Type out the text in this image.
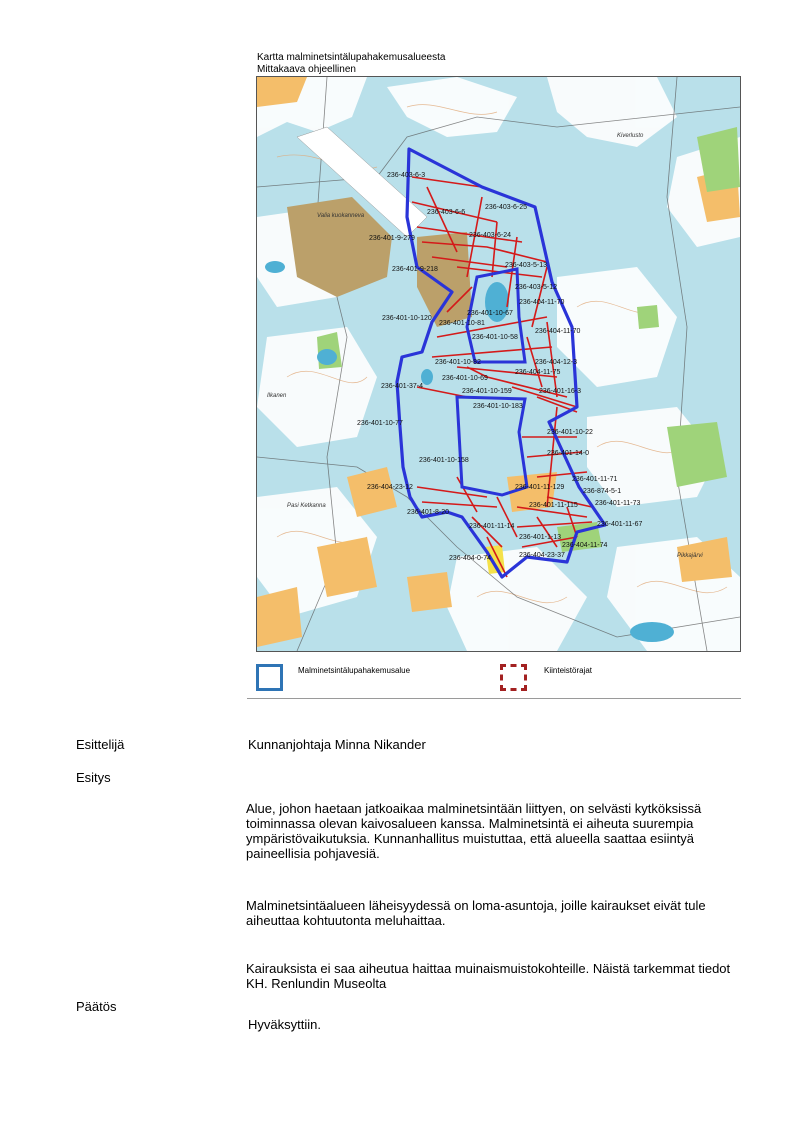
Kartta malminetsintälupahakemusalueesta
Mittakaava ohjeellinen
236-403-6-3
236-403-6-6
236-403-6-25
236-401-9-279	236-403-6-24
236-401-9-218
236-403-5-13
236-403-5-12
236-404-11-70
236-401-10-67
236-401-10-81
236-401-10-120
236-404-11-70
236-401-10-58
236-401-10-82
236-401-10-69
236-404-12-3
236-404-11-75
236-401-37-4
236-401-10-159	236-401-16-3
236-401-10-183
236-401-10-22
236-401-10-77
236-401-14-0
236-401-10-158
236-401-11-71
236-404-23-12	236-401-11-129
236-874-5-1
236-401-11-115 236-401-11-73
236-401-8-20
236-401-11-14	236-401-11-67
236-404-11-74
236-401-1-13
236-404-0-74	236-404-23-37
Valia kuokanneva
Pasi Ketkanna
Kiverlusto
Ilkanen
Pikkajärvi
Malminetsintälupahakemusalue	Kiinteistörajat
Esittelijä	Kunnanjohtaja Minna Nikander
Esitys

Alue, johon haetaan jatkoaikaa malminetsintään liittyen, on selvästi kytköksissä toiminnassa olevan kaivosalueen kanssa. Malminetsintä ei aiheuta suurempia ympäristövaikutuksia. Kunnanhallitus muistuttaa, että alueella saattaa esiintyä paineellisia pohjavesiä.

Malminetsintäalueen läheisyydessä on loma-asuntoja, joille kairaukset eivät tule aiheuttaa kohtuutonta meluhaittaa.

Kairauksista ei saa aiheutua haittaa muinaismuistokohteille. Näistä tarkemmat tiedot KH. Renlundin Museolta

Päätös
Hyväksyttiin.
